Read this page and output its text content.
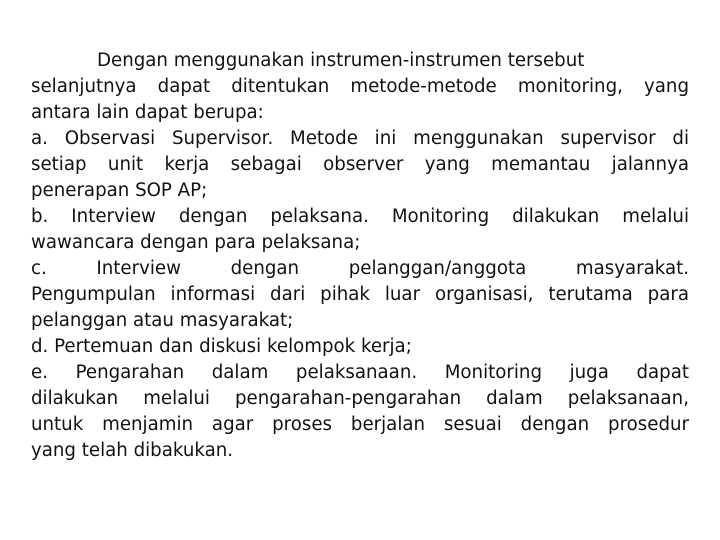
Dengan menggunakan instrumen-instrumen tersebut
selanjutnya dapat ditentukan metode-metode monitoring, yang
antara lain dapat berupa:
a. Observasi Supervisor. Metode ini menggunakan supervisor di
setiap unit kerja sebagai observer yang memantau jalannya
penerapan SOP AP;
b. Interview dengan pelaksana. Monitoring dilakukan melalui
wawancara dengan para pelaksana;
c. Interview dengan pelanggan/anggota masyarakat.
Pengumpulan informasi dari pihak luar organisasi, terutama para
pelanggan atau masyarakat;
d. Pertemuan dan diskusi kelompok kerja;
e. Pengarahan dalam pelaksanaan. Monitoring juga dapat
dilakukan melalui pengarahan-pengarahan dalam pelaksanaan,
untuk menjamin agar proses berjalan sesuai dengan prosedur
yang telah dibakukan.
